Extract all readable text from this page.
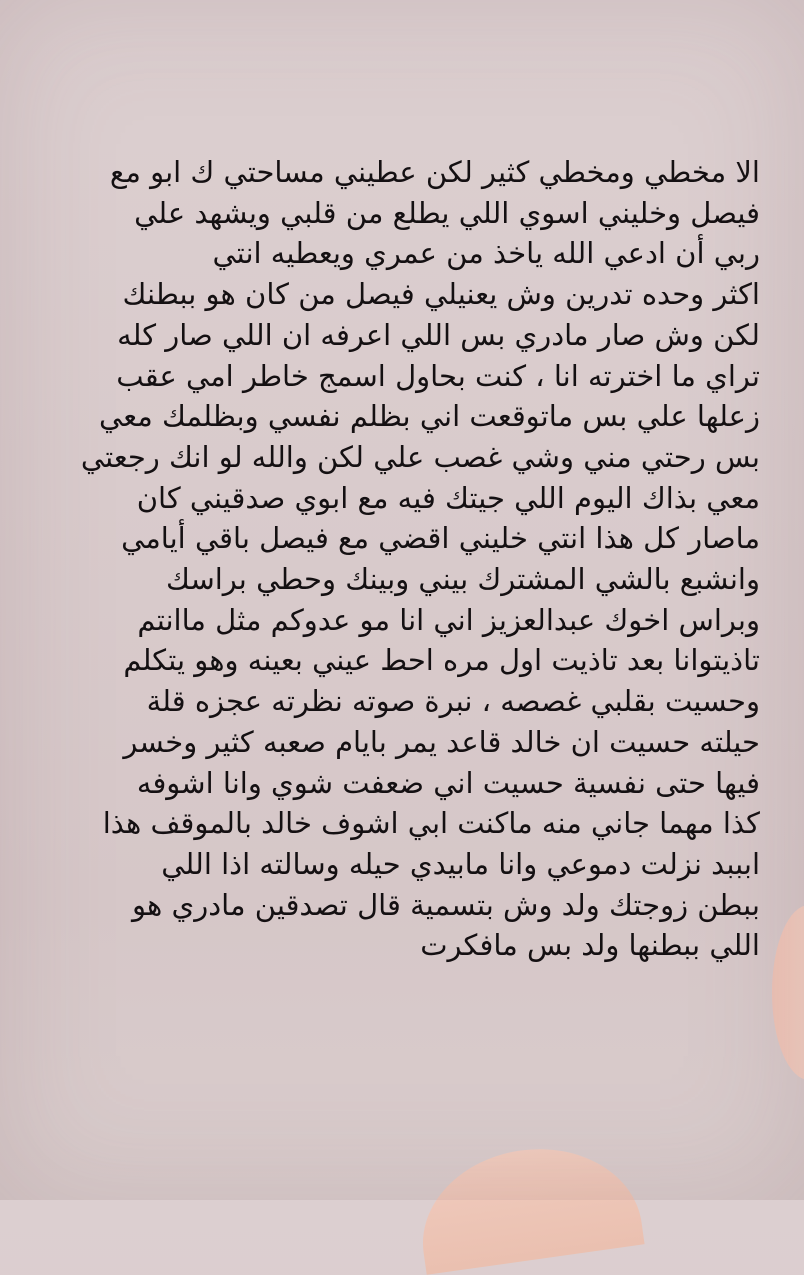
الا مخطي ومخطي كثير لكن عطيني مساحتي ك ابو مع
فيصل وخليني اسوي اللي يطلع من قلبي ويشهد علي
ربي أن ادعي الله ياخذ من عمري ويعطيه انتي
اكثر وحده تدرين وش يعنيلي فيصل من كان هو ببطنك
لكن وش صار مادري بس اللي اعرفه ان اللي صار كله
تراي ما اخترته انا ، كنت بحاول اسمج خاطر امي عقب
زعلها علي بس ماتوقعت اني بظلم نفسي وبظلمك معي
بس رحتي مني وشي غصب علي لكن والله لو انك رجعتي
معي بذاك اليوم اللي جيتك فيه مع ابوي صدقيني كان
ماصار كل هذا انتي خليني اقضي مع فيصل باقي أيامي
وانشبع بالشي المشترك بيني وبينك وحطي براسك
وبراس اخوك عبدالعزيز اني انا مو عدوكم مثل ماانتم
تاذيتوانا بعد تاذيت اول مره احط عيني بعينه وهو يتكلم
وحسيت بقلبي غصصه ، نبرة صوته نظرته عجزه قلة
حيلته حسيت ان خالد قاعد يمر بايام صعبه كثير وخسر
فيها حتى نفسية حسيت اني ضعفت شوي وانا اشوفه
كذا مهما جاني منه ماكنت ابي اشوف خالد بالموقف هذا
ابببد نزلت دموعي وانا مابيدي حيله وسالته اذا اللي
ببطن زوجتك ولد وش بتسمية قال تصدقين مادري هو
اللي ببطنها ولد بس مافكرت
